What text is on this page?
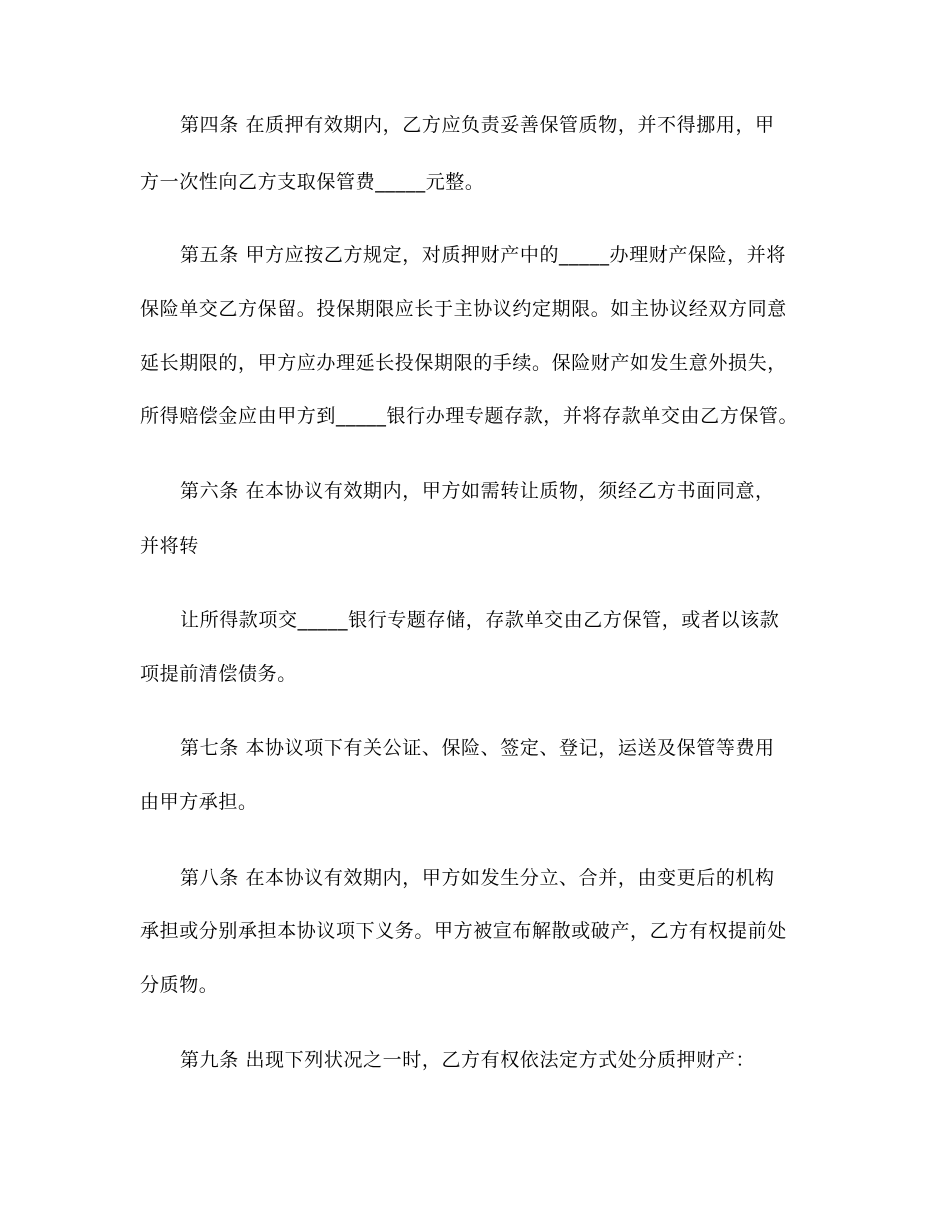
第四条 在质押有效期内，乙方应负责妥善保管质物，并不得挪用，甲
方一次性向乙方支取保管费_____元整。
第五条 甲方应按乙方规定，对质押财产中的_____办理财产保险，并将
保险单交乙方保留。投保期限应长于主协议约定期限。如主协议经双方同意
延长期限的，甲方应办理延长投保期限的手续。保险财产如发生意外损失，
所得赔偿金应由甲方到_____银行办理专题存款，并将存款单交由乙方保管。
第六条 在本协议有效期内，甲方如需转让质物，须经乙方书面同意，
并将转
让所得款项交_____银行专题存储，存款单交由乙方保管，或者以该款
项提前清偿债务。
第七条 本协议项下有关公证、保险、签定、登记，运送及保管等费用
由甲方承担。
第八条 在本协议有效期内，甲方如发生分立、合并，由变更后的机构
承担或分别承担本协议项下义务。甲方被宣布解散或破产，乙方有权提前处
分质物。
第九条 出现下列状况之一时，乙方有权依法定方式处分质押财产：
